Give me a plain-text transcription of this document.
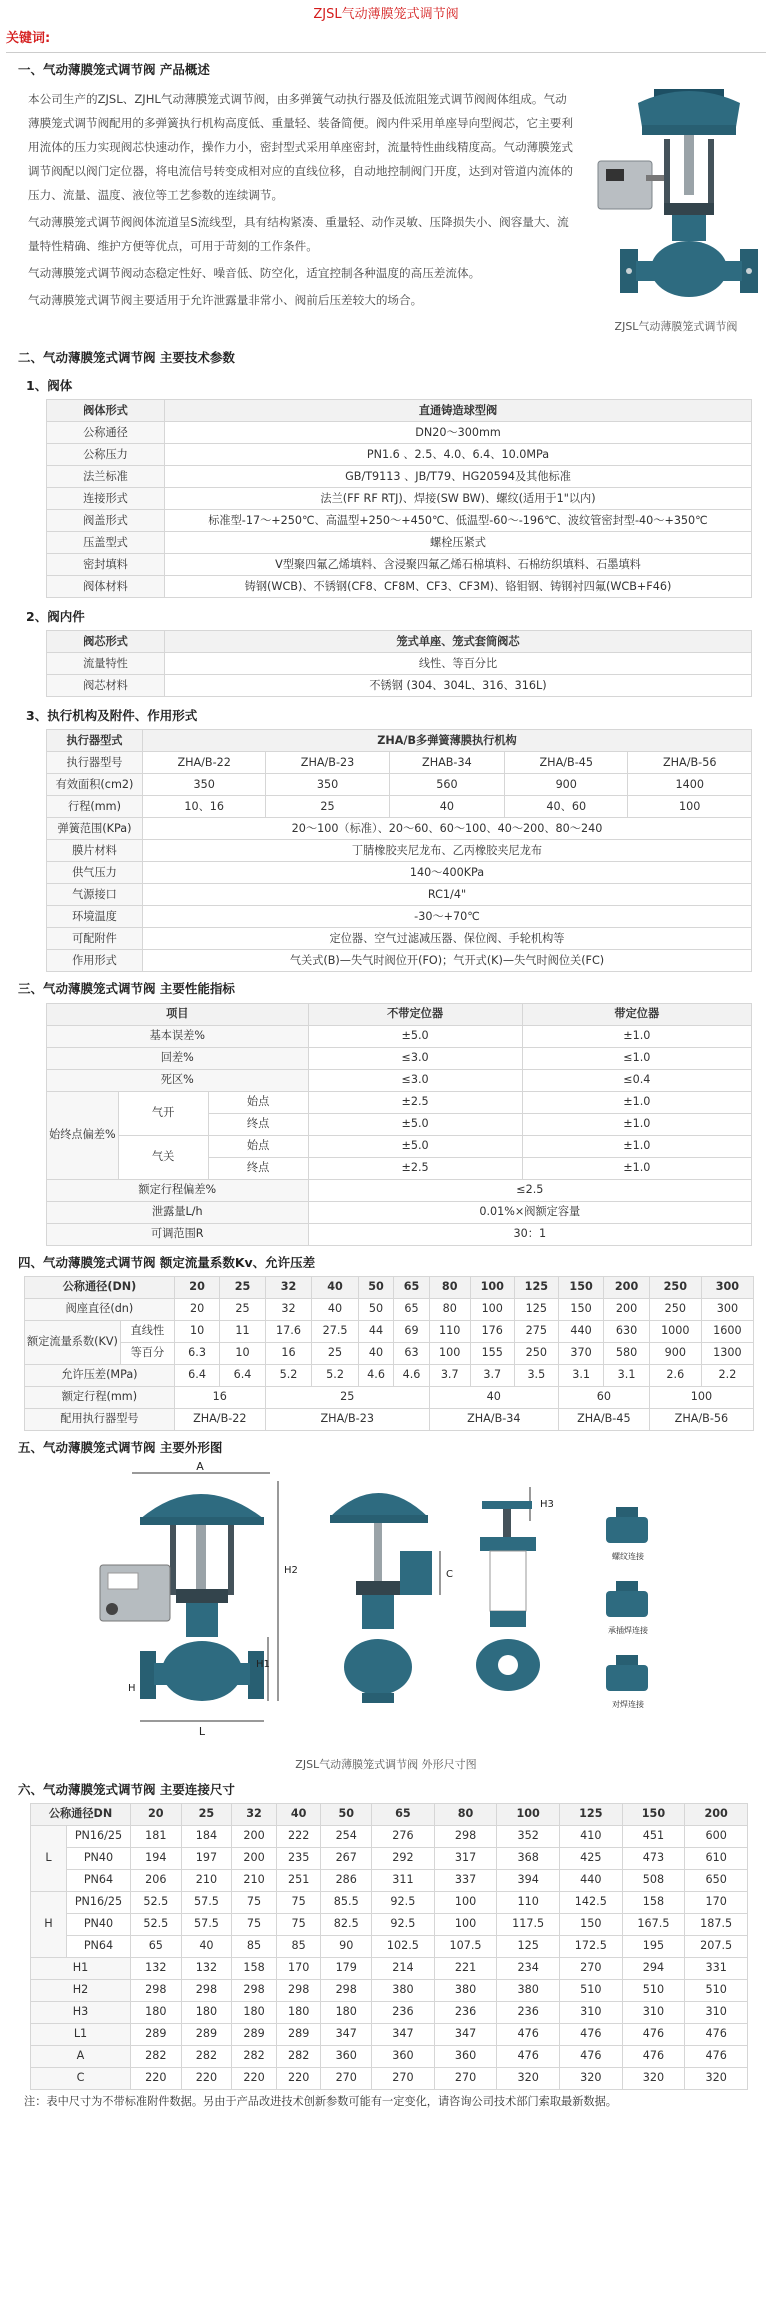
ZJSL气动薄膜笼式调节阀
关键词:
一、气动薄膜笼式调节阀 产品概述

本公司生产的ZJSL、ZJHL气动薄膜笼式调节阀，由多弹簧气动执行器及低流阻笼式调节阀阀体组成。气动薄膜笼式调节阀配用的多弹簧执行机构高度低、重量轻、装备简便。阀内件采用单座导向型阀芯，它主要利用流体的压力实现阀芯快速动作，操作力小，密封型式采用单座密封，流量特性曲线精度高。气动薄膜笼式调节阀配以阀门定位器，将电流信号转变成相对应的直线位移，自动地控制阀门开度，达到对管道内流体的压力、流量、温度、液位等工艺参数的连续调节。

气动薄膜笼式调节阀阀体流道呈S流线型，具有结构紧凑、重量轻、动作灵敏、压降损失小、阀容量大、流量特性精确、维护方便等优点，可用于苛刻的工作条件。

气动薄膜笼式调节阀动态稳定性好、噪音低、防空化，适宜控制各种温度的高压差流体。

气动薄膜笼式调节阀主要适用于允许泄露量非常小、阀前后压差较大的场合。

ZJSL气动薄膜笼式调节阀
二、气动薄膜笼式调节阀 主要技术参数
1、阀体
阀体形式	直通铸造球型阀
公称通径	DN20～300mm
公称压力	PN1.6 、2.5、4.0、6.4、10.0MPa
法兰标准	GB/T9113 、JB/T79、HG20594及其他标准
连接形式	法兰(FF RF RTJ)、焊接(SW BW)、螺纹(适用于1"以内)
阀盖形式	标准型-17～+250℃、高温型+250～+450℃、低温型-60～-196℃、波纹管密封型-40～+350℃
压盖型式	螺栓压紧式
密封填料	V型聚四氟乙烯填料、含浸聚四氟乙烯石棉填料、石棉纺织填料、石墨填料
阀体材料	铸钢(WCB)、不锈钢(CF8、CF8M、CF3、CF3M)、铬钼钢、铸钢衬四氟(WCB+F46)
2、阀内件
阀芯形式	笼式单座、笼式套筒阀芯
流量特性	线性、等百分比
阀芯材料	不锈钢 (304、304L、316、316L)
3、执行机构及附件、作用形式
执行器型式	ZHA/B多弹簧薄膜执行机构				
执行器型号	ZHA/B-22	ZHA/B-23	ZHAB-34	ZHA/B-45	ZHA/B-56
有效面积(cm2)	350	350	560	900	1400
行程(mm)	10、16	25	40	40、60	100
弹簧范围(KPa)	20～100（标准）、20～60、60～100、40～200、80～240				
膜片材料	丁腈橡胶夹尼龙布、乙丙橡胶夹尼龙布				
供气压力	140～400KPa				
气源接口	RC1/4"				
环境温度	-30～+70℃				
可配附件	定位器、空气过滤减压器、保位阀、手轮机构等				
作用形式	气关式(B)—失气时阀位开(FO)；气开式(K)—失气时阀位关(FC)				
三、气动薄膜笼式调节阀 主要性能指标
项目			不带定位器	带定位器
基本误差%			±5.0	±1.0
回差%			≤3.0	≤1.0
死区%			≤3.0	≤0.4
始终点偏差%	气开	始点	±2.5	±1.0
		终点	±5.0	±1.0
	气关	始点	±5.0	±1.0
		终点	±2.5	±1.0
额定行程偏差%			≤2.5	
泄露量L/h			0.01%×阀额定容量	
可调范围R			30：1	
四、气动薄膜笼式调节阀 额定流量系数Kv、允许压差
公称通径(DN)		20	25	32	40	50	65	80	100	125	150	200	250	300
阀座直径(dn)		20	25	32	40	50	65	80	100	125	150	200	250	300
额定流量系数(KV)	直线性	10	11	17.6	27.5	44	69	110	176	275	440	630	1000	1600
	等百分	6.3	10	16	25	40	63	100	155	250	370	580	900	1300
允许压差(MPa)		6.4	6.4	5.2	5.2	4.6	4.6	3.7	3.7	3.5	3.1	3.1	2.6	2.2
额定行程(mm)		16		25				40			60		100	
配用执行器型号		ZHA/B-22		ZHA/B-23				ZHA/B-34			ZHA/B-45		ZHA/B-56	
五、气动薄膜笼式调节阀 主要外形图
A
L
H2
H1
H
C
H3
螺纹连接
承插焊连接
对焊连接
ZJSL气动薄膜笼式调节阀 外形尺寸图
六、气动薄膜笼式调节阀 主要连接尺寸
公称通径DN		20	25	32	40	50	65	80	100	125	150	200
L	PN16/25	181	184	200	222	254	276	298	352	410	451	600
	PN40	194	197	200	235	267	292	317	368	425	473	610
	PN64	206	210	210	251	286	311	337	394	440	508	650
H	PN16/25	52.5	57.5	75	75	85.5	92.5	100	110	142.5	158	170
	PN40	52.5	57.5	75	75	82.5	92.5	100	117.5	150	167.5	187.5
	PN64	65	40	85	85	90	102.5	107.5	125	172.5	195	207.5
H1		132	132	158	170	179	214	221	234	270	294	331
H2		298	298	298	298	298	380	380	380	510	510	510
H3		180	180	180	180	180	236	236	236	310	310	310
L1		289	289	289	289	347	347	347	476	476	476	476
A		282	282	282	282	360	360	360	476	476	476	476
C		220	220	220	220	270	270	270	320	320	320	320
注：表中尺寸为不带标准附件数据。另由于产品改进技术创新参数可能有一定变化，请咨询公司技术部门索取最新数据。
